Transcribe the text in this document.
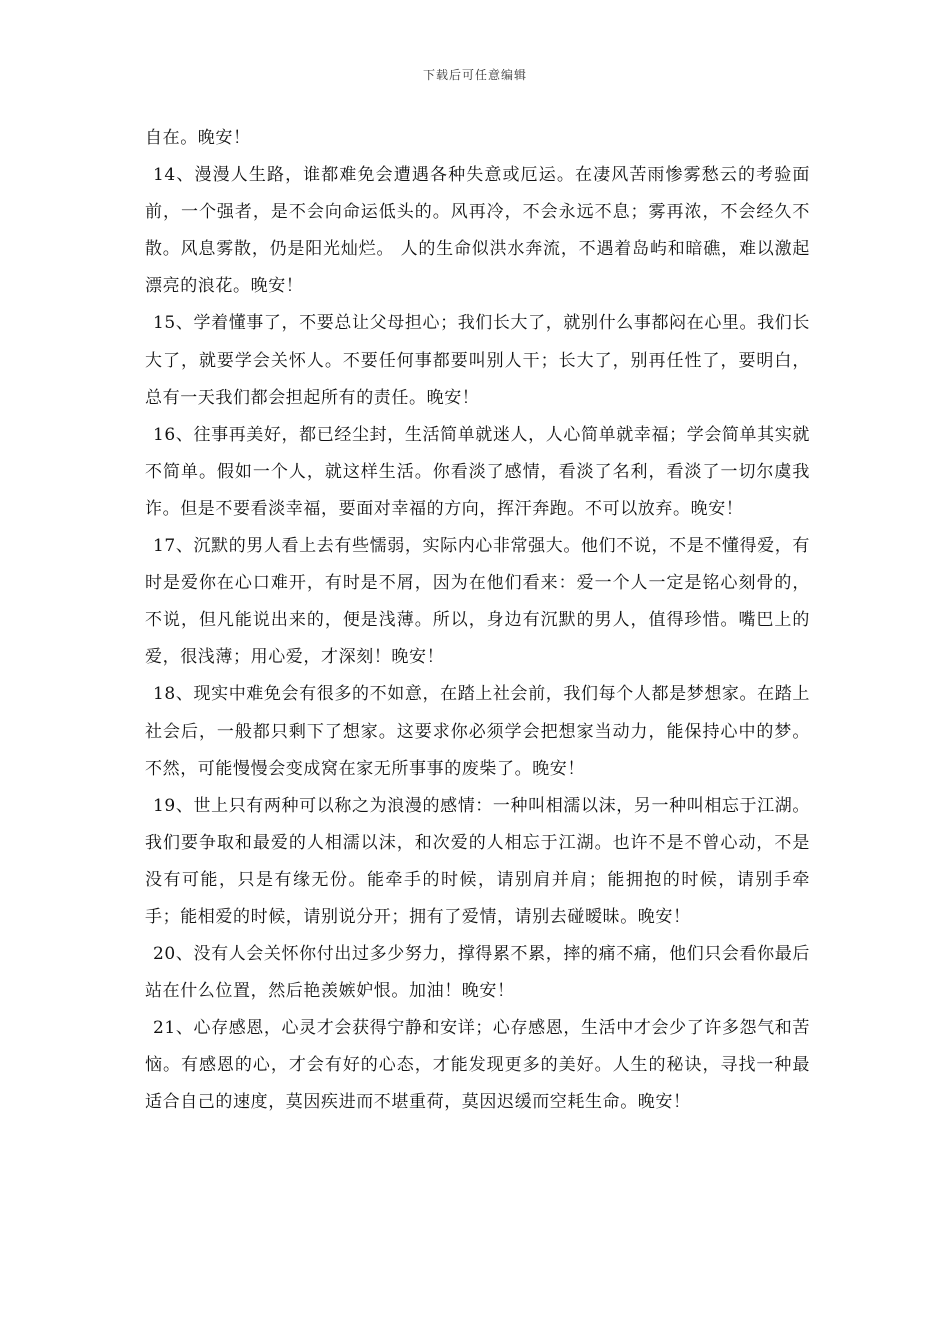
下载后可任意编辑

自在。晚安！

14、漫漫人生路，谁都难免会遭遇各种失意或厄运。在凄风苦雨惨雾愁云的考验面前，一个强者，是不会向命运低头的。风再冷，不会永远不息；雾再浓，不会经久不散。风息雾散，仍是阳光灿烂。 人的生命似洪水奔流，不遇着岛屿和暗礁，难以激起漂亮的浪花。晚安！

15、学着懂事了，不要总让父母担心；我们长大了，就别什么事都闷在心里。我们长大了，就要学会关怀人。不要任何事都要叫别人干；长大了，别再任性了，要明白，总有一天我们都会担起所有的责任。晚安！

16、往事再美好，都已经尘封，生活简单就迷人，人心简单就幸福；学会简单其实就不简单。假如一个人，就这样生活。你看淡了感情，看淡了名利，看淡了一切尔虞我诈。但是不要看淡幸福，要面对幸福的方向，挥汗奔跑。不可以放弃。晚安！

17、沉默的男人看上去有些懦弱，实际内心非常强大。他们不说，不是不懂得爱，有时是爱你在心口难开，有时是不屑，因为在他们看来：爱一个人一定是铭心刻骨的，不说，但凡能说出来的，便是浅薄。所以，身边有沉默的男人，值得珍惜。嘴巴上的爱，很浅薄；用心爱，才深刻！晚安！

18、现实中难免会有很多的不如意，在踏上社会前，我们每个人都是梦想家。在踏上社会后，一般都只剩下了想家。这要求你必须学会把想家当动力，能保持心中的梦。不然，可能慢慢会变成窝在家无所事事的废柴了。晚安！

19、世上只有两种可以称之为浪漫的感情：一种叫相濡以沫，另一种叫相忘于江湖。我们要争取和最爱的人相濡以沫，和次爱的人相忘于江湖。也许不是不曾心动，不是没有可能，只是有缘无份。能牵手的时候，请别肩并肩；能拥抱的时候，请别手牵手；能相爱的时候，请别说分开；拥有了爱情，请别去碰暧昧。晚安！

20、没有人会关怀你付出过多少努力，撑得累不累，摔的痛不痛，他们只会看你最后站在什么位置，然后艳羡嫉妒恨。加油！晚安！

21、心存感恩，心灵才会获得宁静和安详；心存感恩，生活中才会少了许多怨气和苦恼。有感恩的心，才会有好的心态，才能发现更多的美好。人生的秘诀，寻找一种最适合自己的速度，莫因疾进而不堪重荷，莫因迟缓而空耗生命。晚安！
